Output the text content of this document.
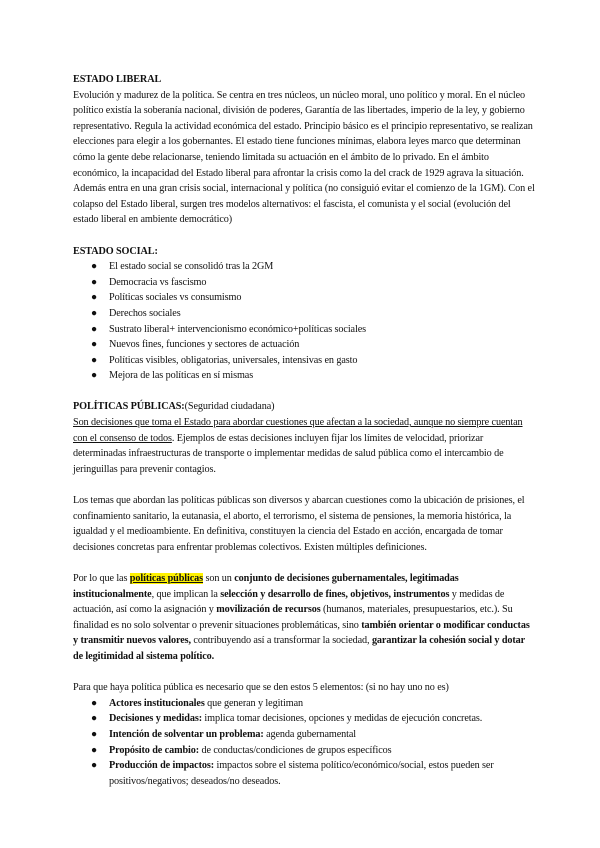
ESTADO LIBERAL

Evolución y madurez de la política. Se centra en tres núcleos, un núcleo moral, uno político y moral. En el núcleo político existía la soberanía nacional, división de poderes, Garantía de las libertades, imperio de la ley, y gobierno representativo. Regula la actividad económica del estado. Principio básico es el principio representativo, se realizan elecciones para elegir a los gobernantes. El estado tiene funciones mínimas, elabora leyes marco que determinan cómo la gente debe relacionarse, teniendo limitada su actuación en el ámbito de lo privado. En el ámbito económico, la incapacidad del Estado liberal para afrontar la crisis como la del crack de 1929 agrava la situación. Además entra en una gran crisis social, internacional y política (no consiguió evitar el comienzo de la 1GM). Con el colapso del Estado liberal, surgen tres modelos alternativos: el fascista, el comunista y el social (evolución del estado liberal en ambiente democrático)

ESTADO SOCIAL:

● El estado social se consolidó tras la 2GM
● Democracia vs fascismo
● Políticas sociales vs consumismo
● Derechos sociales
● Sustrato liberal+ intervencionismo económico+políticas sociales
● Nuevos fines, funciones y sectores de actuación
● Políticas visibles, obligatorias, universales, intensivas en gasto
● Mejora de las políticas en sí mismas

POLÍTICAS PÚBLICAS:(Seguridad ciudadana)

Son decisiones que toma el Estado para abordar cuestiones que afectan a la sociedad, aunque no siempre cuentan con el consenso de todos. Ejemplos de estas decisiones incluyen fijar los límites de velocidad, priorizar determinadas infraestructuras de transporte o implementar medidas de salud pública como el intercambio de jeringuillas para prevenir contagios.

Los temas que abordan las políticas públicas son diversos y abarcan cuestiones como la ubicación de prisiones, el confinamiento sanitario, la eutanasia, el aborto, el terrorismo, el sistema de pensiones, la memoria histórica, la igualdad y el medioambiente. En definitiva, constituyen la ciencia del Estado en acción, encargada de tomar decisiones concretas para enfrentar problemas colectivos. Existen múltiples definiciones.

Por lo que las políticas públicas son un conjunto de decisiones gubernamentales, legitimadas institucionalmente, que implican la selección y desarrollo de fines, objetivos, instrumentos y medidas de actuación, así como la asignación y movilización de recursos (humanos, materiales, presupuestarios, etc.). Su finalidad es no solo solventar o prevenir situaciones problemáticas, sino también orientar o modificar conductas y transmitir nuevos valores, contribuyendo así a transformar la sociedad, garantizar la cohesión social y dotar de legitimidad al sistema político.

Para que haya política pública es necesario que se den estos 5 elementos: (si no hay uno no es)

● Actores institucionales que generan y legitiman
● Decisiones y medidas: implica tomar decisiones, opciones y medidas de ejecución concretas.
● Intención de solventar un problema: agenda gubernamental
● Propósito de cambio: de conductas/condiciones de grupos específicos
● Producción de impactos: impactos sobre el sistema político/económico/social, estos pueden ser positivos/negativos; deseados/no deseados.
